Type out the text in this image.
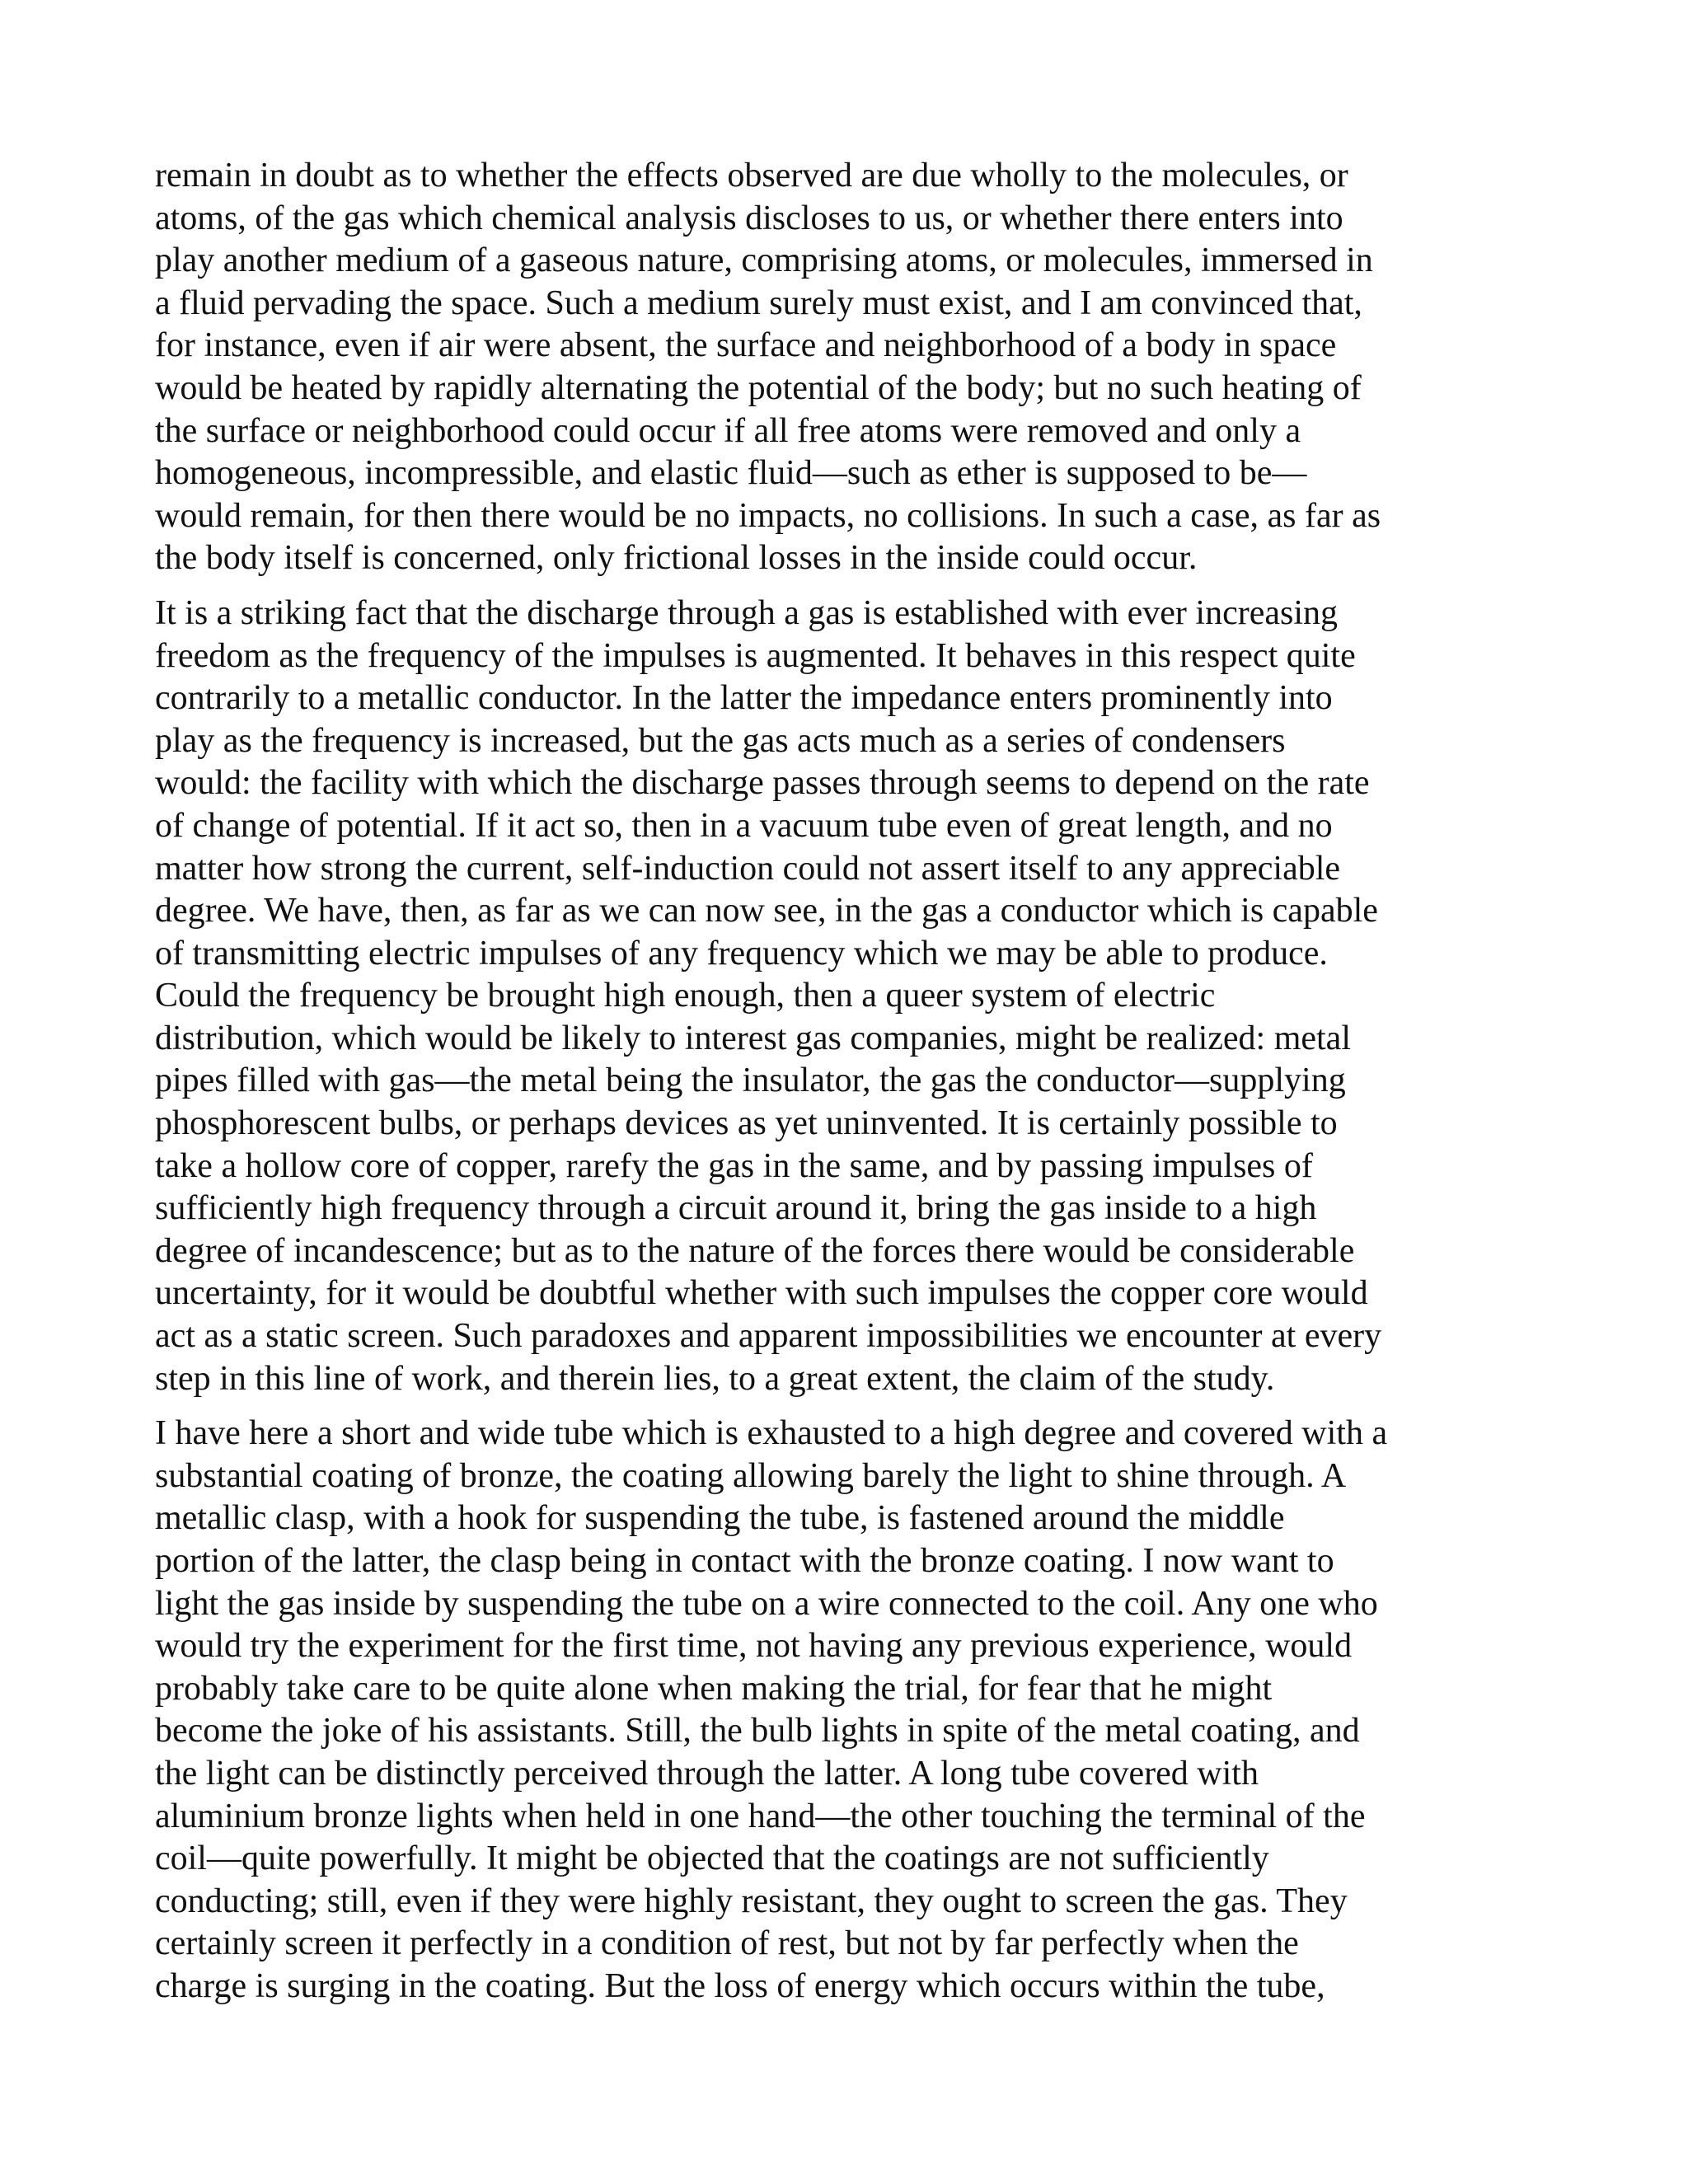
remain in doubt as to whether the effects observed are due wholly to the molecules, or
atoms, of the gas which chemical analysis discloses to us, or whether there enters into
play another medium of a gaseous nature, comprising atoms, or molecules, immersed in
a fluid pervading the space. Such a medium surely must exist, and I am convinced that,
for instance, even if air were absent, the surface and neighborhood of a body in space
would be heated by rapidly alternating the potential of the body; but no such heating of
the surface or neighborhood could occur if all free atoms were removed and only a
homogeneous, incompressible, and elastic fluid—such as ether is supposed to be—
would remain, for then there would be no impacts, no collisions. In such a case, as far as
the body itself is concerned, only frictional losses in the inside could occur.
It is a striking fact that the discharge through a gas is established with ever increasing
freedom as the frequency of the impulses is augmented. It behaves in this respect quite
contrarily to a metallic conductor. In the latter the impedance enters prominently into
play as the frequency is increased, but the gas acts much as a series of condensers
would: the facility with which the discharge passes through seems to depend on the rate
of change of potential. If it act so, then in a vacuum tube even of great length, and no
matter how strong the current, self-induction could not assert itself to any appreciable
degree. We have, then, as far as we can now see, in the gas a conductor which is capable
of transmitting electric impulses of any frequency which we may be able to produce.
Could the frequency be brought high enough, then a queer system of electric
distribution, which would be likely to interest gas companies, might be realized: metal
pipes filled with gas—the metal being the insulator, the gas the conductor—supplying
phosphorescent bulbs, or perhaps devices as yet uninvented. It is certainly possible to
take a hollow core of copper, rarefy the gas in the same, and by passing impulses of
sufficiently high frequency through a circuit around it, bring the gas inside to a high
degree of incandescence; but as to the nature of the forces there would be considerable
uncertainty, for it would be doubtful whether with such impulses the copper core would
act as a static screen. Such paradoxes and apparent impossibilities we encounter at every
step in this line of work, and therein lies, to a great extent, the claim of the study.
I have here a short and wide tube which is exhausted to a high degree and covered with a
substantial coating of bronze, the coating allowing barely the light to shine through. A
metallic clasp, with a hook for suspending the tube, is fastened around the middle
portion of the latter, the clasp being in contact with the bronze coating. I now want to
light the gas inside by suspending the tube on a wire connected to the coil. Any one who
would try the experiment for the first time, not having any previous experience, would
probably take care to be quite alone when making the trial, for fear that he might
become the joke of his assistants. Still, the bulb lights in spite of the metal coating, and
the light can be distinctly perceived through the latter. A long tube covered with
aluminium bronze lights when held in one hand—the other touching the terminal of the
coil—quite powerfully. It might be objected that the coatings are not sufficiently
conducting; still, even if they were highly resistant, they ought to screen the gas. They
certainly screen it perfectly in a condition of rest, but not by far perfectly when the
charge is surging in the coating. But the loss of energy which occurs within the tube,
